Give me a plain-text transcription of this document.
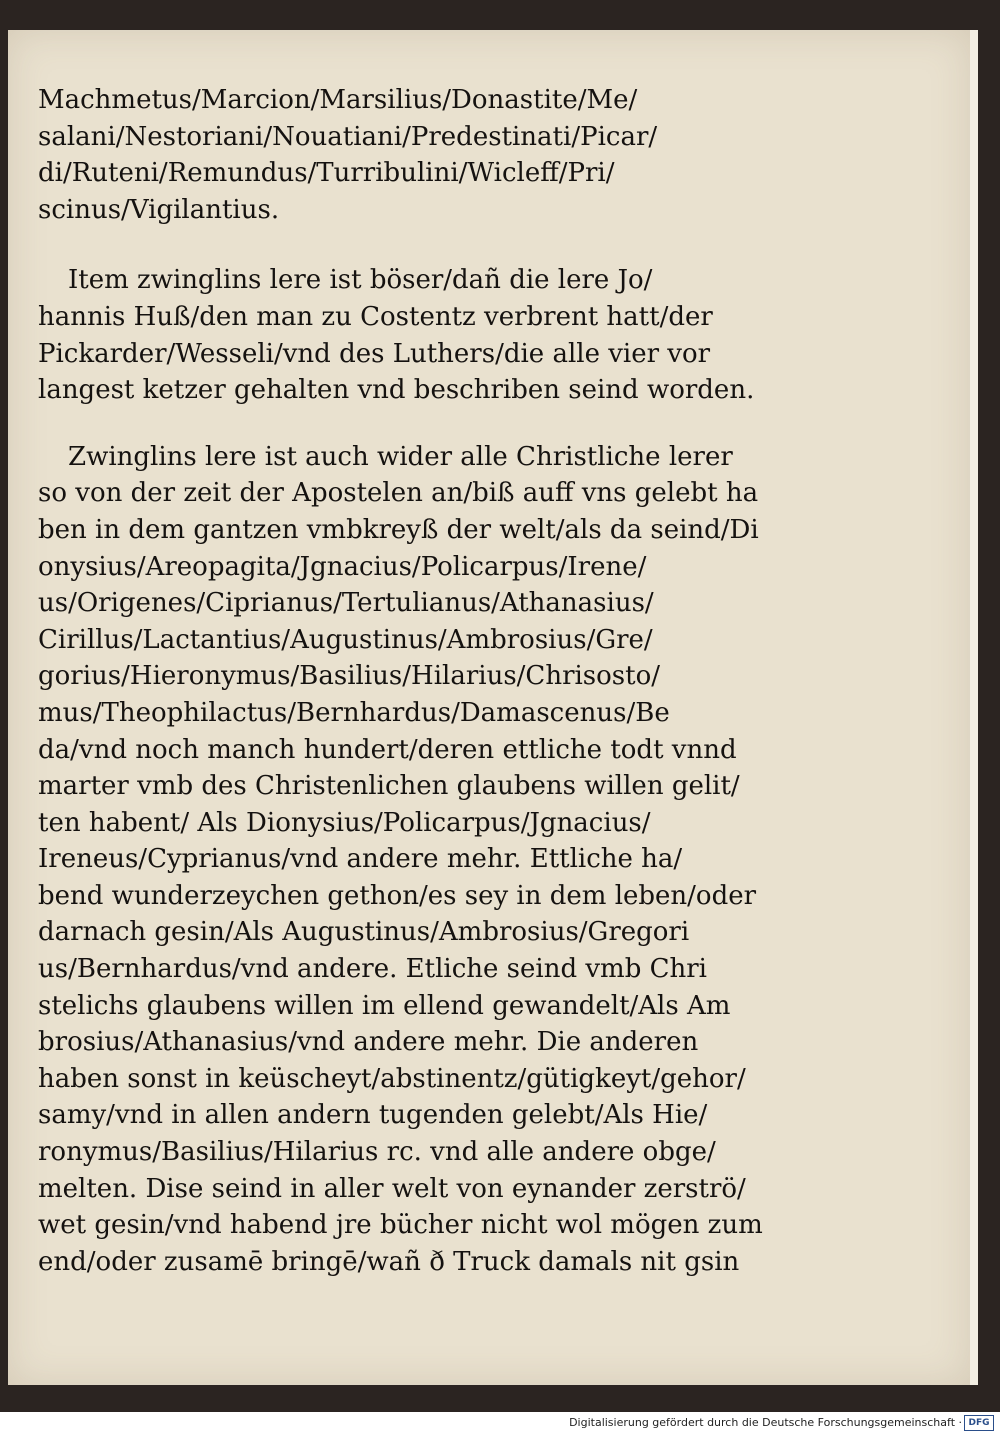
Machmetus/Marcion/Marsilius/Donastite/Me/
salani/Nestoriani/Nouatiani/Predestinati/Picar/
di/Ruteni/Remundus/Turribulini/Wicleff/Pri/
scinus/Vigilantius.
Item zwinglins lere ist böser/dañ die lere Jo/
hannis Huß/den man zu Costentz verbrent hatt/der
Pickarder/Wesseli/vnd des Luthers/die alle vier vor
langest ketzer gehalten vnd beschriben seind worden.
Zwinglins lere ist auch wider alle Christliche lerer
so von der zeit der Apostelen an/biß auff vns gelebt ha
ben in dem gantzen vmbkreyß der welt/als da seind/Di
onysius/Areopagita/Jgnacius/Policarpus/Irene/
us/Origenes/Ciprianus/Tertulianus/Athanasius/
Cirillus/Lactantius/Augustinus/Ambrosius/Gre/
gorius/Hieronymus/Basilius/Hilarius/Chrisosto/
mus/Theophilactus/Bernhardus/Damascenus/Be
da/vnd noch manch hundert/deren ettliche todt vnnd
marter vmb des Christenlichen glaubens willen gelit/
ten habent/ Als Dionysius/Policarpus/Jgnacius/
Ireneus/Cyprianus/vnd andere mehr. Ettliche ha/
bend wunderzeychen gethon/es sey in dem leben/oder
darnach gesin/Als Augustinus/Ambrosius/Gregori
us/Bernhardus/vnd andere. Etliche seind vmb Chri
stelichs glaubens willen im ellend gewandelt/Als Am
brosius/Athanasius/vnd andere mehr. Die anderen
haben sonst in keüscheyt/abstinentz/gütigkeyt/gehor/
samy/vnd in allen andern tugenden gelebt/Als Hie/
ronymus/Basilius/Hilarius rc. vnd alle andere obge/
melten. Dise seind in aller welt von eynander zerströ/
wet gesin/vnd habend jre bücher nicht wol mögen zum
end/oder zusamē bringē/wañ ð Truck damals nit gsin
Digitalisierung gefördert durch die Deutsche Forschungsgemeinschaft · DFG
